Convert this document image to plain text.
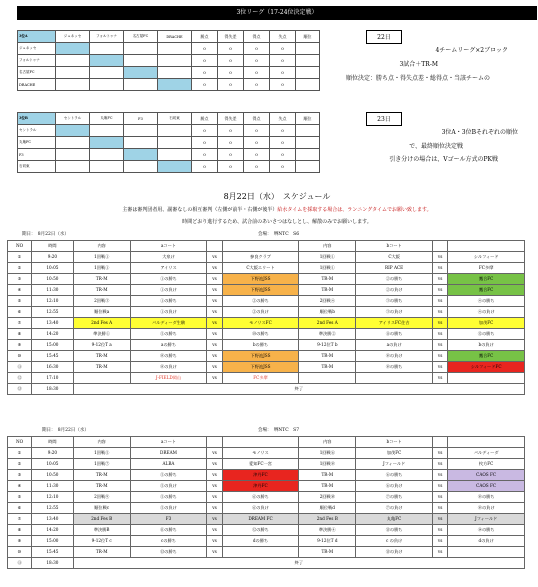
3位リーグ（17-24位決定戦）
3位A	ジュネッセ	フォルトゥナ	名古屋FC	DRACHE	勝点	得失差	得点	失点	順位
ジュネッセ					0	0	0	0	
フォルトゥナ					0	0	0	0	
名古屋FC					0	0	0	0	
DRACHE					0	0	0	0	
3位B	セントラル	丸亀FC	F3	石切東	勝点	得失差	得点	失点	順位
セントラル					0	0	0	0	
丸亀FC					0	0	0	0	
F3					0	0	0	0	
石切東					0	0	0	0	
22日
4チームリーグ×2ブロック
3試合＋TR-M
順位決定：勝ち点・得失点差・総得点・当該チームの
23日
3位A・3位Bそれぞれの順位
で、最終順位決定戦
引き分けの場合は、Vゴール方式のPK戦
8月22日（水）　スケジュール
主審は審判団者用、副審なしの相互審判（左側が前半・右側が後半）給水タイムを採取する場合は、ランニングタイムでお願い致します。
時間どおり進行するため、試合前のあいさつはなしとし、解散のみでお願いします。
期日：　8月22日（水）	会場：　堺NTC　S6
NO	時間	内容	aコート			内容	bコート		
①	9:20	1回戦①	大泉け	vs	参良クラブ	1回戦①	C大阪	vs	シルフィード
②	10:05	1回戦①	アイリス	vs	C大阪エリート	1回戦①	RIP ACE	vs	FC多摩
③	10:50	TR-M	①の勝ち	vs	下野池JSS	TR-M	②の勝ち	vs	鷹合FC
④	11:30	TR-M	①の負け	vs	下野池JSS	TR-M	②の負け	vs	鷹合FC
⑤	12:10	2回戦③	①の勝ち	vs	②の勝ち	2回戦④	③の勝ち	vs	④の勝ち
⑥	12:55	順位戦a	①の負け	vs	②の負け	順位戦b	③の負け	vs	④の負け
⑦	13:40	2nd Fes A	バルディーダ生駒	vs	モノリスFC	2nd Fes A	アイリスFC住吉	vs	加茂FC
⑧	14:20	準決勝①	⑤の勝ち	vs	⑩の勝ち	準決勝②	⑪の勝ち	vs	⑫の勝ち
⑨	15:00	9-12位T a	aの勝ち	vs	bの勝ち	9-12位T b	aの負け	vs	bの負け
⑩	15:45	TR-M	⑧の勝ち	vs	下野池JSS	TR-M	⑧の負け	vs	鷹合FC
⑪	16:30	TR-M	⑧の負け	vs	下野池JSS	TR-M	⑧の勝ち	vs	シルフィードFC
⑫	17:10		J-FIELD岡山	vs	FC多摩			vs	
⑬	18:30	終了							
期日：　8月22日（水）	会場：　堺NTC　S7
NO	時間	内容	aコート			内容	bコート		
①	9:20	1回戦⑤	DREAM	vs	モノリス	1回戦⑥	加茂FC	vs	バルディーダ
②	10:05	1回戦⑦	ALBA	vs	愛知FC一宮	1回戦⑧	Jフィールド	vs	枚方FC
③	10:50	TR-M	⑤の勝ち	vs	津丹FC	TR-M	⑥の勝ち	vs	CAOS FC
④	11:30	TR-M	⑤の負け	vs	津丹FC	TR-M	⑥の負け	vs	CAOS FC
⑤	12:10	2回戦⑨	⑤の勝ち	vs	⑥の勝ち	2回戦⑩	⑦の勝ち	vs	⑧の勝ち
⑥	12:55	順位戦c	⑤の負け	vs	⑥の負け	順位戦d	⑦の負け	vs	⑧の負け
⑦	13:40	2nd Fes B	F3	vs	DREAM FC	2nd Fes B	丸亀FC	vs	Jフィールド
⑧	14:20	準決勝B	⑪の勝ち	vs	⑫の勝ち	準決勝④	⑬の勝ち	vs	⑭の勝ち
⑨	15:00	9-12位T c	cの勝ち	vs	dの勝ち	9-12位T d	c の負け	vs	dの負け
⑩	15:45	TR-M	⑬の勝ち	vs		TR-M	⑬の負け	vs	
⑪	18:30	終了							
